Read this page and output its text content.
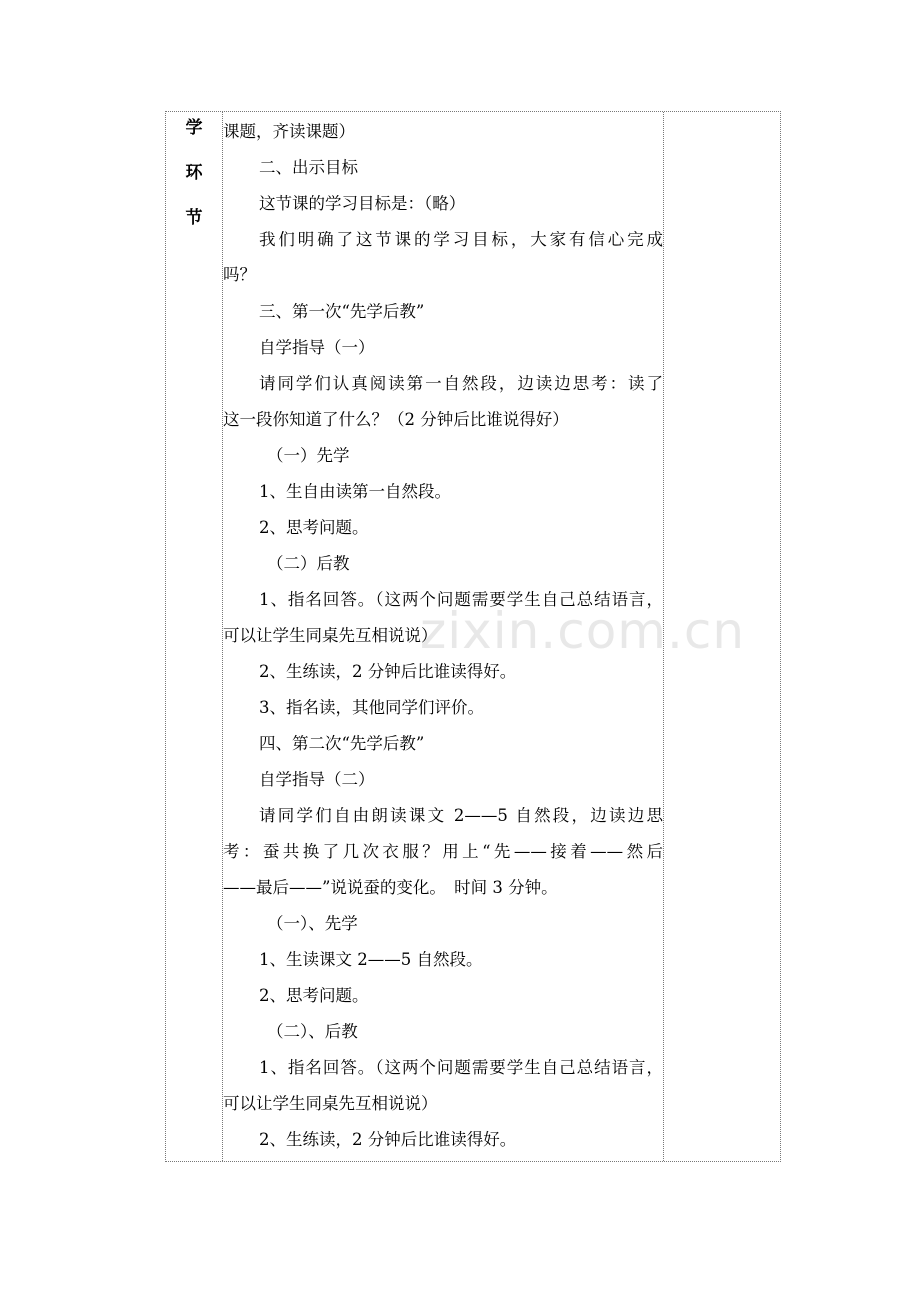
学
环
节
课题，齐读课题）
二、出示目标
这节课的学习目标是：（略）
我们明确了这节课的学习目标，大家有信心完成
吗？
三、第一次“先学后教”
自学指导（一）
请同学们认真阅读第一自然段，边读边思考：读了
这一段你知道了什么？（2 分钟后比谁说得好）
（一）先学
1、生自由读第一自然段。
2、思考问题。
（二）后教
1、指名回答。（这两个问题需要学生自己总结语言，
可以让学生同桌先互相说说）
2、生练读，2 分钟后比谁读得好。
3、指名读，其他同学们评价。
四、第二次“先学后教”
自学指导（二）
请同学们自由朗读课文 2——5 自然段，边读边思
考：蚕共换了几次衣服？用上“先——接着——然后
——最后——”说说蚕的变化。　时间 3 分钟。
（一）、先学
1、生读课文 2——5 自然段。
2、思考问题。
（二）、后教
1、指名回答。（这两个问题需要学生自己总结语言，
可以让学生同桌先互相说说）
2、生练读，2 分钟后比谁读得好。
zixin.com.cn
